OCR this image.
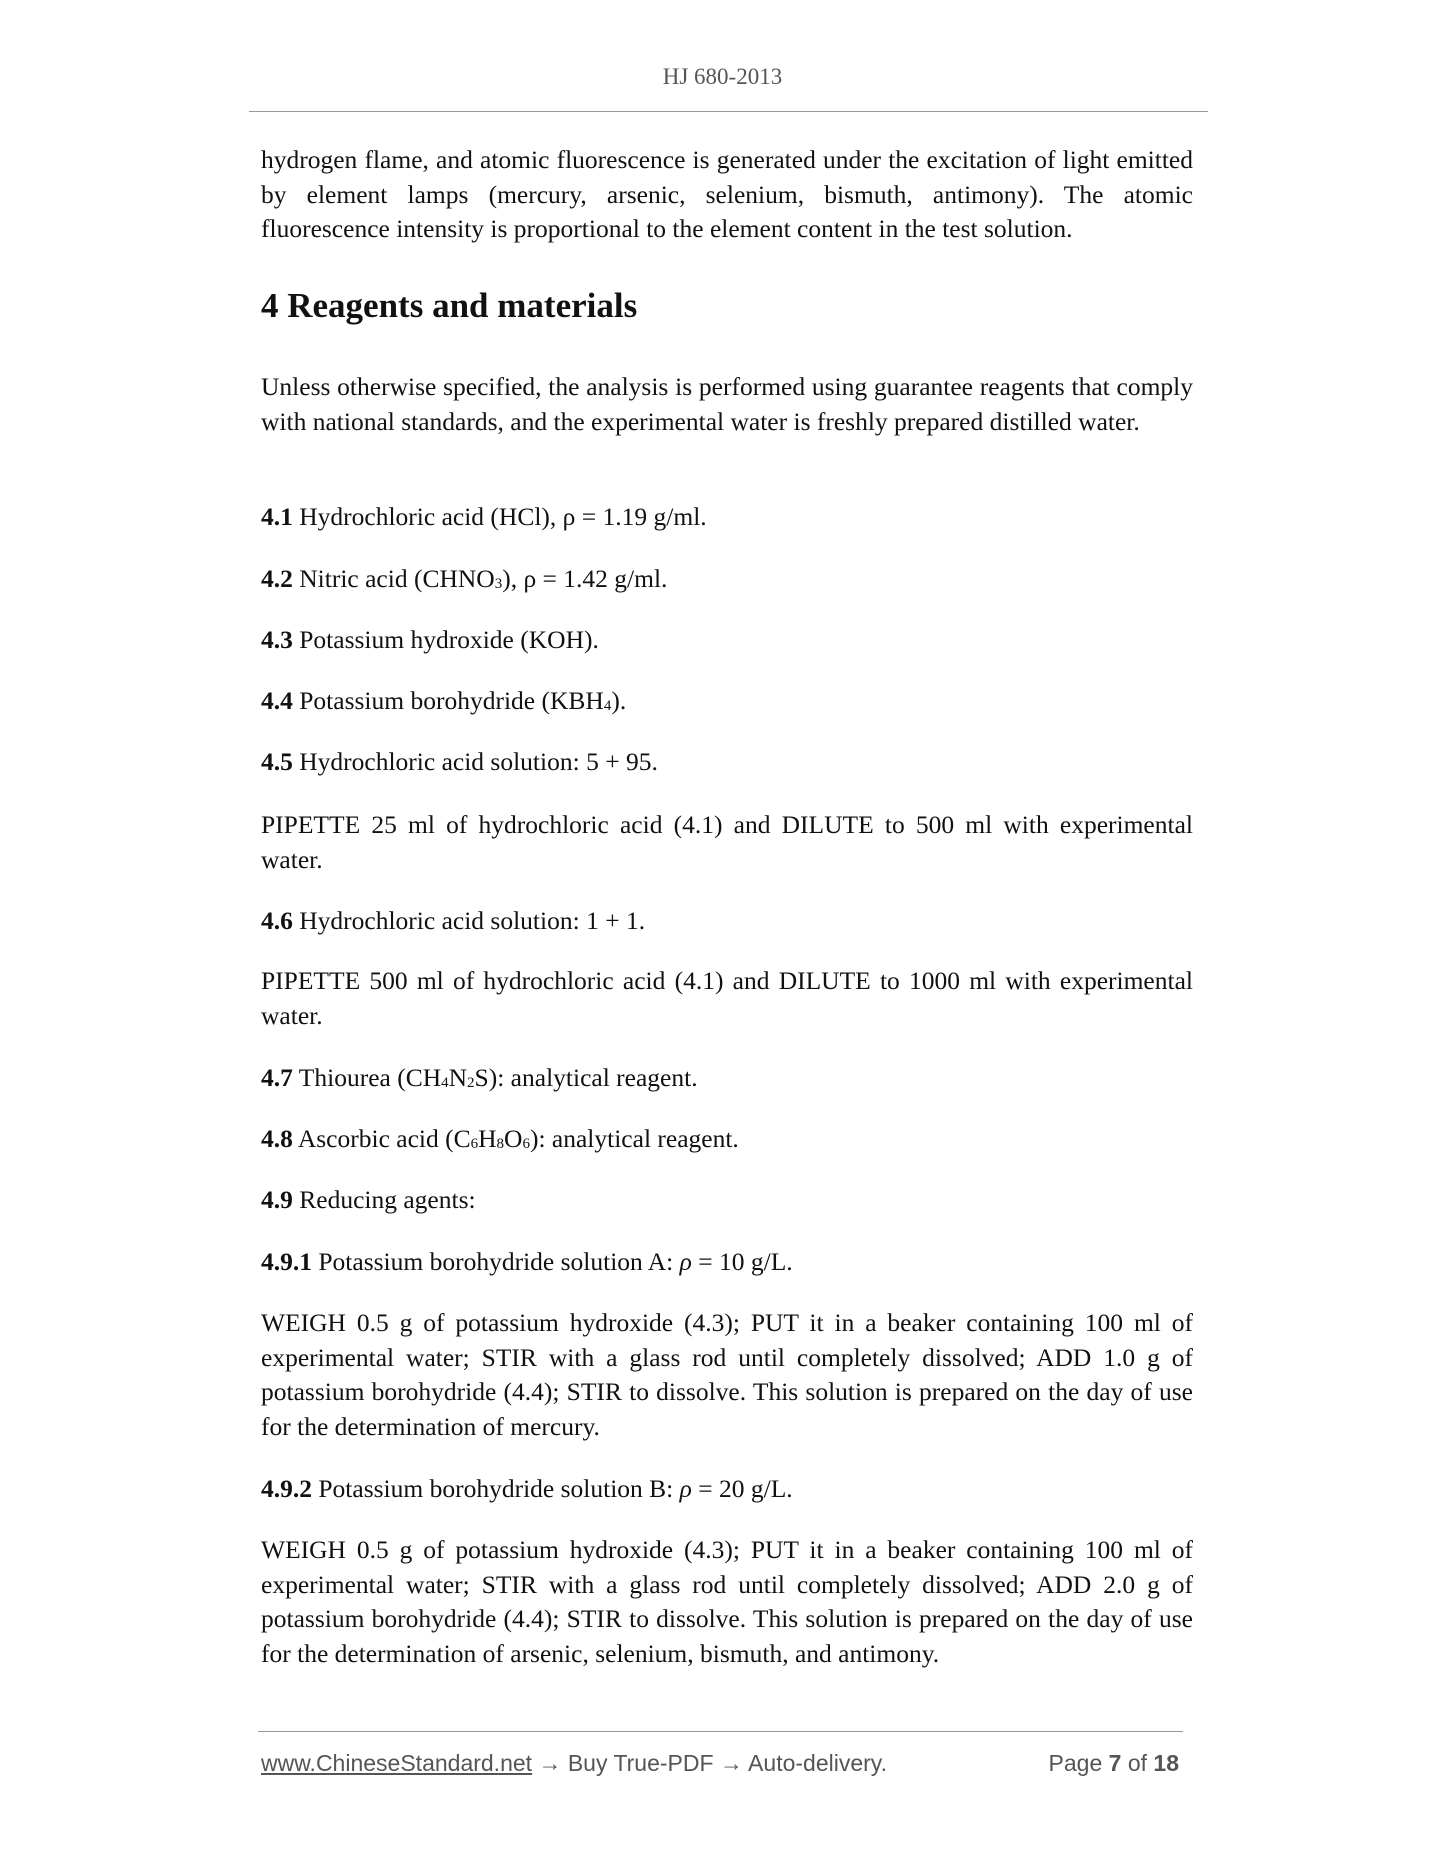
HJ 680-2013
hydrogen flame, and atomic fluorescence is generated under the excitation of light emitted by element lamps (mercury, arsenic, selenium, bismuth, antimony). The atomic fluorescence intensity is proportional to the element content in the test solution.
4 Reagents and materials
Unless otherwise specified, the analysis is performed using guarantee reagents that comply with national standards, and the experimental water is freshly prepared distilled water.
4.1 Hydrochloric acid (HCl), ρ = 1.19 g/ml.
4.2 Nitric acid $(CHNO_3)$, ρ = 1.42 g/ml.
4.3 Potassium hydroxide (KOH).
4.4 Potassium borohydride $(KBH_4)$.
4.5 Hydrochloric acid solution: 5 + 95.
PIPETTE 25 ml of hydrochloric acid (4.1) and DILUTE to 500 ml with experimental water.
4.6 Hydrochloric acid solution: 1 + 1.
PIPETTE 500 ml of hydrochloric acid (4.1) and DILUTE to 1000 ml with experimental water.
4.7 Thiourea $(CH_4N_2S)$: analytical reagent.
4.8 Ascorbic acid $(C_6H_8O_6)$: analytical reagent.
4.9 Reducing agents:
4.9.1 Potassium borohydride solution A: ρ = 10 g/L.
WEIGH 0.5 g of potassium hydroxide (4.3); PUT it in a beaker containing 100 ml of experimental water; STIR with a glass rod until completely dissolved; ADD 1.0 g of potassium borohydride (4.4); STIR to dissolve. This solution is prepared on the day of use for the determination of mercury.
4.9.2 Potassium borohydride solution B: ρ = 20 g/L.
WEIGH 0.5 g of potassium hydroxide (4.3); PUT it in a beaker containing 100 ml of experimental water; STIR with a glass rod until completely dissolved; ADD 2.0 g of potassium borohydride (4.4); STIR to dissolve. This solution is prepared on the day of use for the determination of arsenic, selenium, bismuth, and antimony.
www.ChineseStandard.net → Buy True-PDF → Auto-delivery.	Page 7 of 18
